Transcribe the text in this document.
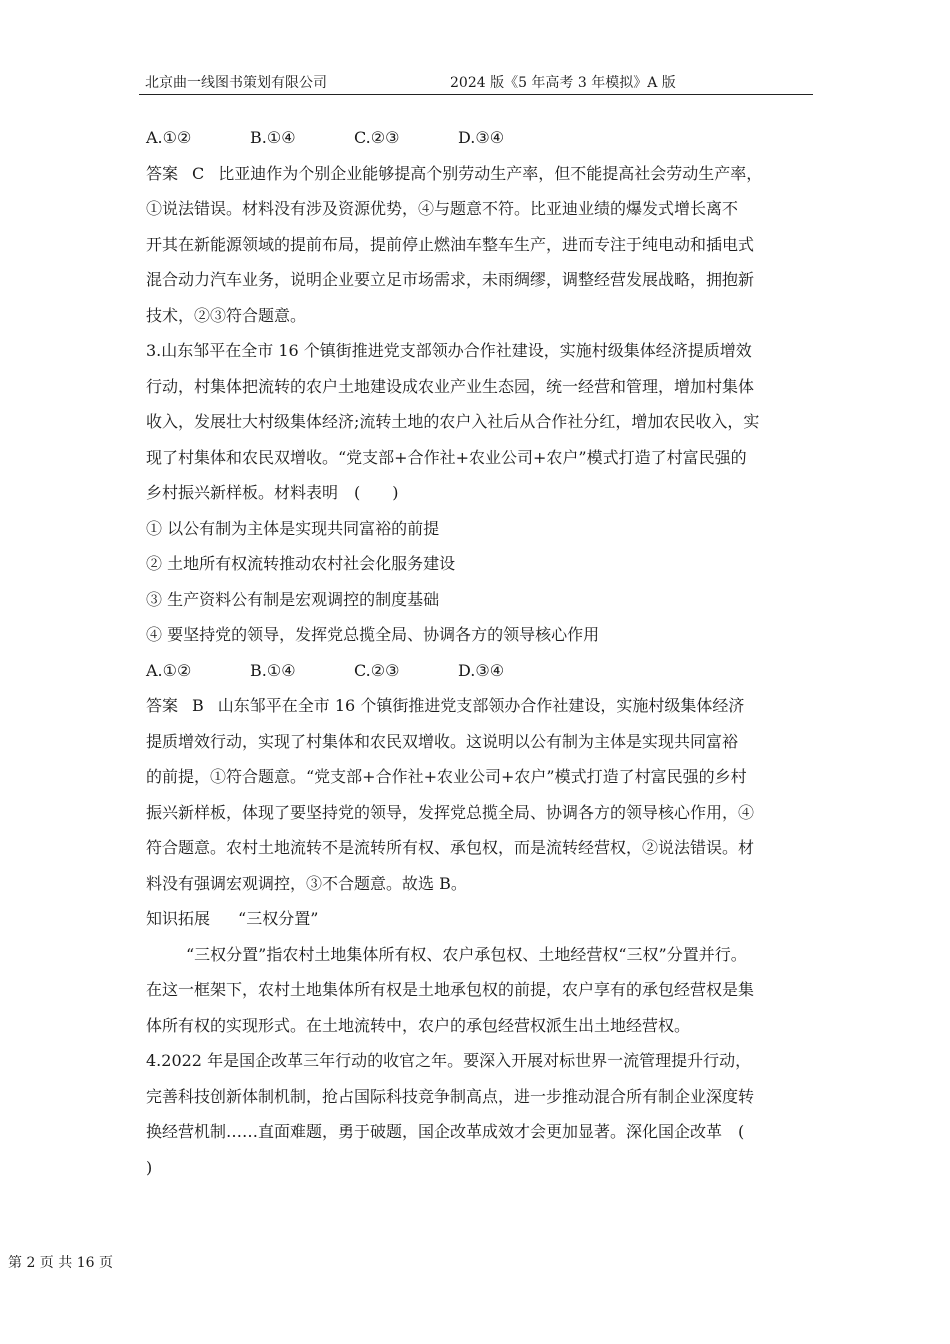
北京曲一线图书策划有限公司	2024 版《5 年高考 3 年模拟》A 版
A.①②	B.①④	C.②③	D.③④
答案 C 比亚迪作为个别企业能够提高个别劳动生产率，但不能提高社会劳动生产率，
①说法错误。材料没有涉及资源优势，④与题意不符。比亚迪业绩的爆发式增长离不
开其在新能源领域的提前布局，提前停止燃油车整车生产，进而专注于纯电动和插电式
混合动力汽车业务，说明企业要立足市场需求，未雨绸缪，调整经营发展战略，拥抱新
技术，②③符合题意。
3.山东邹平在全市 16 个镇街推进党支部领办合作社建设，实施村级集体经济提质增效
行动，村集体把流转的农户土地建设成农业产业生态园，统一经营和管理，增加村集体
收入，发展壮大村级集体经济;流转土地的农户入社后从合作社分红，增加农民收入，实
现了村集体和农民双增收。“党支部+合作社+农业公司+农户”模式打造了村富民强的
乡村振兴新样板。材料表明　(　　)
① 以公有制为主体是实现共同富裕的前提
② 土地所有权流转推动农村社会化服务建设
③ 生产资料公有制是宏观调控的制度基础
④ 要坚持党的领导，发挥党总揽全局、协调各方的领导核心作用
A.①②	B.①④	C.②③	D.③④
答案 B 山东邹平在全市 16 个镇街推进党支部领办合作社建设，实施村级集体经济
提质增效行动，实现了村集体和农民双增收。这说明以公有制为主体是实现共同富裕
的前提，①符合题意。“党支部+合作社+农业公司+农户”模式打造了村富民强的乡村
振兴新样板，体现了要坚持党的领导，发挥党总揽全局、协调各方的领导核心作用，④
符合题意。农村土地流转不是流转所有权、承包权，而是流转经营权，②说法错误。材
料没有强调宏观调控，③不合题意。故选 B。
知识拓展 “三权分置”
“三权分置”指农村土地集体所有权、农户承包权、土地经营权“三权”分置并行。
在这一框架下，农村土地集体所有权是土地承包权的前提，农户享有的承包经营权是集
体所有权的实现形式。在土地流转中，农户的承包经营权派生出土地经营权。
4.2022 年是国企改革三年行动的收官之年。要深入开展对标世界一流管理提升行动，
完善科技创新体制机制，抢占国际科技竞争制高点，进一步推动混合所有制企业深度转
换经营机制……直面难题，勇于破题，国企改革成效才会更加显著。深化国企改革　(
)
第 2 页 共 16 页
